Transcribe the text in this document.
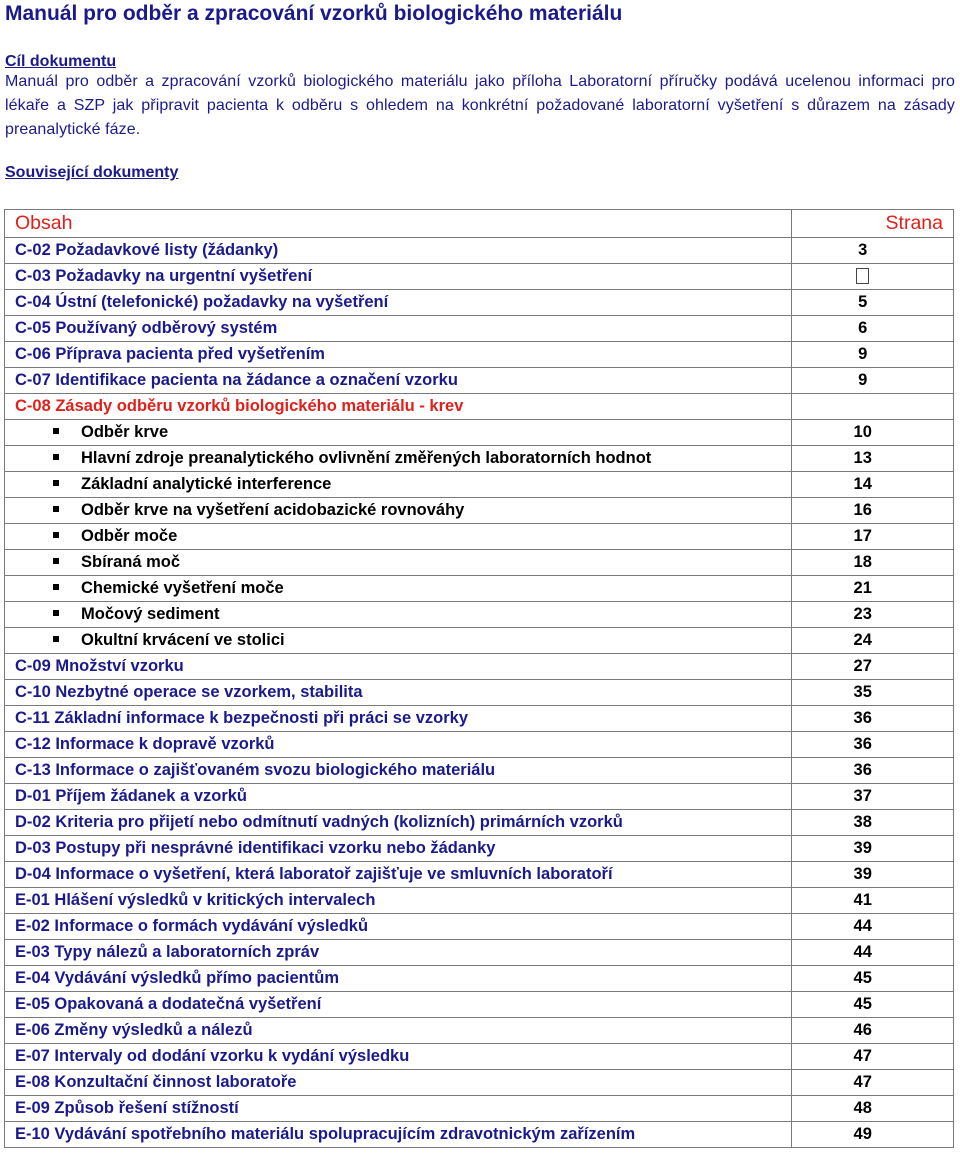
Manuál pro odběr a zpracování vzorků biologického materiálu
Cíl dokumentu
Manuál pro odběr a zpracování vzorků biologického materiálu jako příloha Laboratorní příručky podává ucelenou informaci pro lékaře a SZP jak připravit pacienta k odběru s ohledem na konkrétní požadované laboratorní vyšetření s důrazem na zásady preanalytické fáze.
Související dokumenty
Obsah	Strana
C-02 Požadavkové listy (žádanky)	3
C-03 Požadavky na urgentní vyšetření	
C-04 Ústní (telefonické) požadavky na vyšetření	5
C-05 Používaný odběrový systém	6
C-06 Příprava pacienta před vyšetřením	9
C-07 Identifikace pacienta na žádance a označení vzorku	9
C-08 Zásady odběru vzorků biologického materiálu - krev	
Odběr krve	10
Hlavní zdroje preanalytického ovlivnění změřených laboratorních hodnot	13
Základní analytické interference	14
Odběr krve na vyšetření acidobazické rovnováhy	16
Odběr moče	17
Sbíraná moč	18
Chemické vyšetření moče	21
Močový sediment	23
Okultní krvácení ve stolici	24
C-09 Množství vzorku	27
C-10 Nezbytné operace se vzorkem, stabilita	35
C-11 Základní informace k bezpečnosti při práci se vzorky	36
C-12 Informace k dopravě vzorků	36
C-13 Informace o zajišťovaném svozu biologického materiálu	36
D-01 Příjem žádanek a vzorků	37
D-02 Kriteria pro přijetí nebo odmítnutí vadných (kolizních) primárních vzorků	38
D-03 Postupy při nesprávné identifikaci vzorku nebo žádanky	39
D-04 Informace o vyšetření, která laboratoř zajišťuje ve smluvních laboratoří	39
E-01 Hlášení výsledků v kritických intervalech	41
E-02 Informace o formách vydávání výsledků	44
E-03 Typy nálezů a laboratorních zpráv	44
E-04 Vydávání výsledků přímo pacientům	45
E-05 Opakovaná a dodatečná vyšetření	45
E-06 Změny výsledků a nálezů	46
E-07 Intervaly od dodání vzorku k vydání výsledku	47
E-08 Konzultační činnost laboratoře	47
E-09 Způsob řešení stížností	48
E-10 Vydávání spotřebního materiálu spolupracujícím zdravotnickým zařízením	49
